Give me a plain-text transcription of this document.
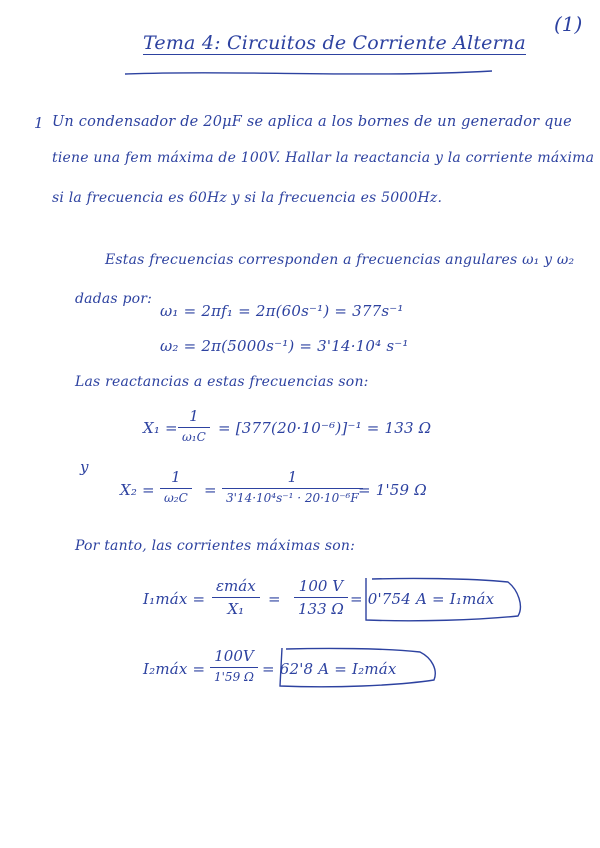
(1)
Tema 4: Circuitos de Corriente Alterna
1 Un condensador de 20μF se aplica a los bornes de un generador que
tiene una fem máxima de 100V. Hallar la reactancia y la corriente máxima
si la frecuencia es 60Hz y si la frecuencia es 5000Hz.
Estas frecuencias corresponden a frecuencias angulares ω₁ y ω₂
dadas por:
ω₁ = 2πf₁ = 2π(60s⁻¹) = 377s⁻¹
ω₂ = 2π(5000s⁻¹) = 3'14·10⁴ s⁻¹
Las reactancias a estas frecuencias son:
X₁ =
1
ω₁C = [377(20·10⁻⁶)]⁻¹ = 133 Ω
y
X₂ =
1
ω₂C =
1
3'14·10⁴s⁻¹ · 20·10⁻⁶F = 1'59 Ω
Por tanto, las corrientes máximas son:
I₁máx =
εmáx
X₁
=
100 V
133 Ω
= 0'754 A = I₁máx
I₂máx =
100V
1'59 Ω = 62'8 A = I₂máx
